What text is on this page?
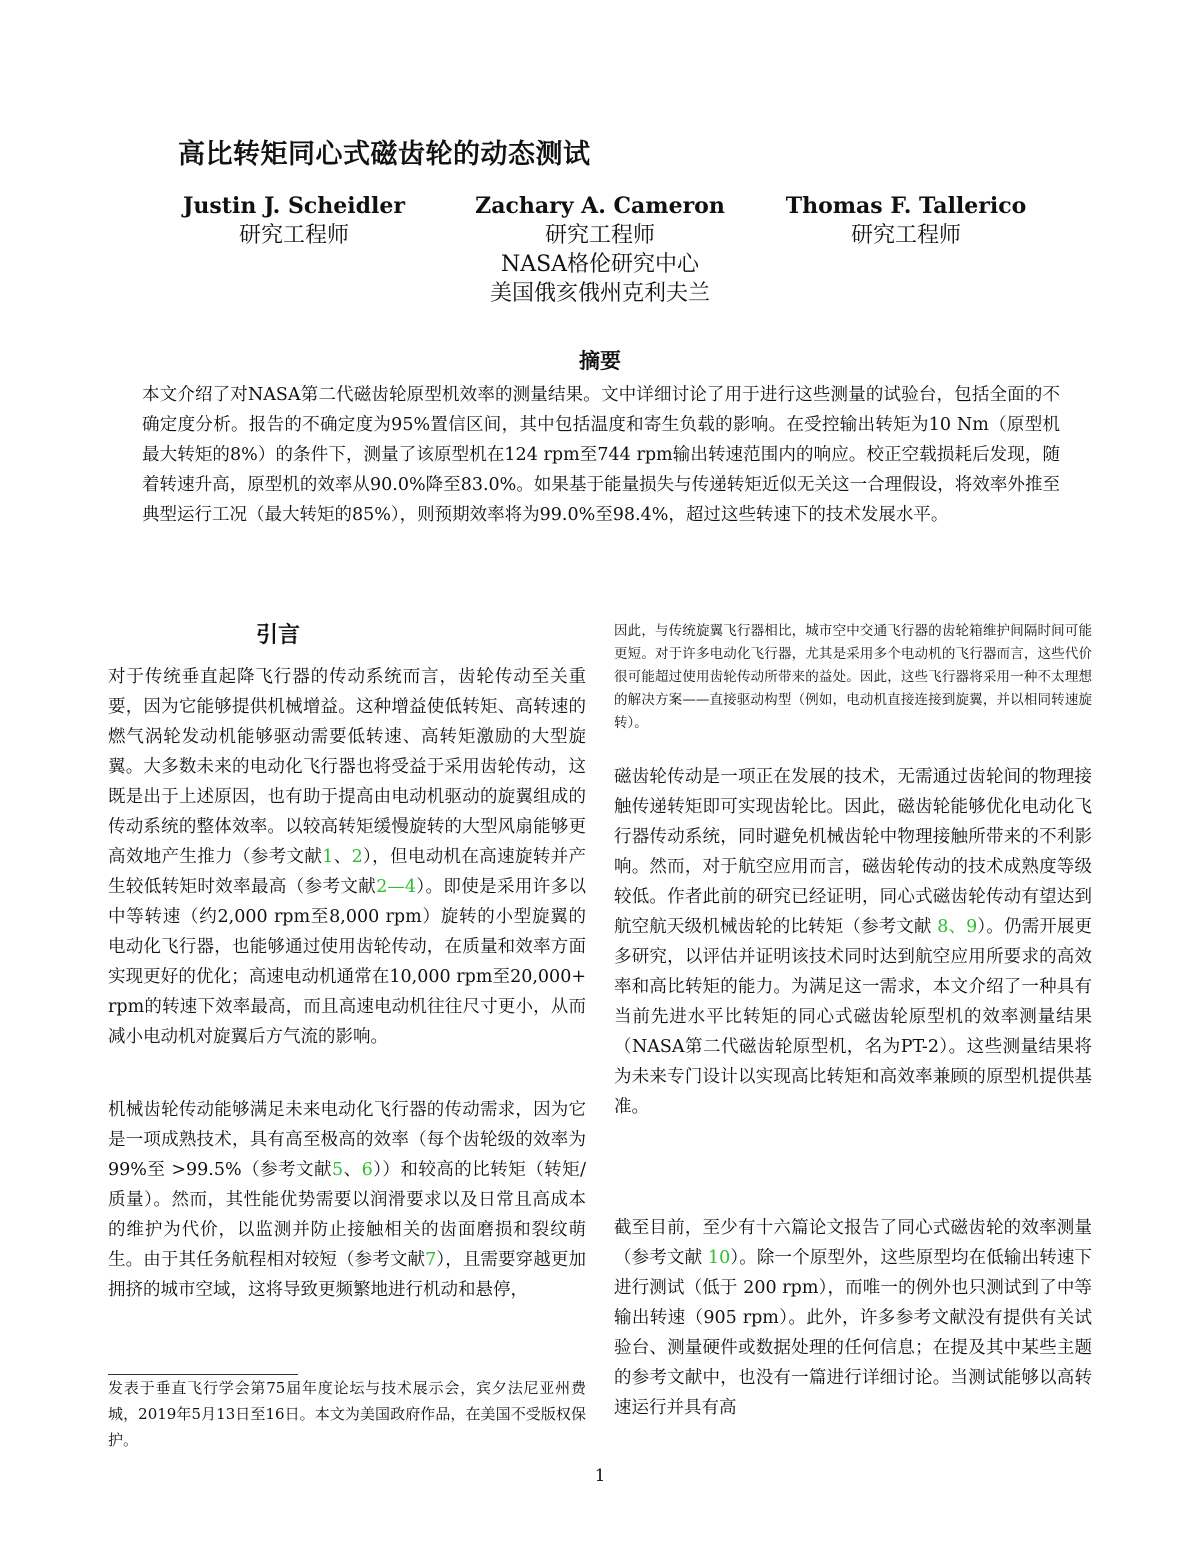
高比转矩同心式磁齿轮的动态测试
Justin J. Scheidler
研究工程师
Zachary A. Cameron
研究工程师
NASA格伦研究中心
美国俄亥俄州克利夫兰
Thomas F. Tallerico
研究工程师
摘要

本文介绍了对NASA第二代磁齿轮原型机效率的测量结果。文中详细讨论了用于进行这些测量的试验台，包括全面的不确定度分析。报告的不确定度为95%置信区间，其中包括温度和寄生负载的影响。在受控输出转矩为10 Nm（原型机最大转矩的8%）的条件下，测量了该原型机在124 rpm至744 rpm输出转速范围内的响应。校正空载损耗后发现，随着转速升高，原型机的效率从90.0%降至83.0%。如果基于能量损失与传递转矩近似无关这一合理假设，将效率外推至典型运行工况（最大转矩的85%），则预期效率将为99.0%至98.4%，超过这些转速下的技术发展水平。

引言

对于传统垂直起降飞行器的传动系统而言，齿轮传动至关重要，因为它能够提供机械增益。这种增益使低转矩、高转速的燃气涡轮发动机能够驱动需要低转速、高转矩激励的大型旋翼。大多数未来的电动化飞行器也将受益于采用齿轮传动，这既是出于上述原因，也有助于提高由电动机驱动的旋翼组成的传动系统的整体效率。以较高转矩缓慢旋转的大型风扇能够更高效地产生推力（参考文献1、2），但电动机在高速旋转并产生较低转矩时效率最高（参考文献2—4）。即使是采用许多以中等转速（约2,000 rpm至8,000 rpm）旋转的小型旋翼的电动化飞行器，也能够通过使用齿轮传动，在质量和效率方面实现更好的优化；高速电动机通常在10,000 rpm至20,000+ rpm的转速下效率最高，而且高速电动机往往尺寸更小，从而减小电动机对旋翼后方气流的影响。

机械齿轮传动能够满足未来电动化飞行器的传动需求，因为它是一项成熟技术，具有高至极高的效率（每个齿轮级的效率为99%至 >99.5%（参考文献5、6））和较高的比转矩（转矩/质量）。然而，其性能优势需要以润滑要求以及日常且高成本的维护为代价，以监测并防止接触相关的齿面磨损和裂纹萌生。由于其任务航程相对较短（参考文献7），且需要穿越更加拥挤的城市空域，这将导致更频繁地进行机动和悬停，

发表于垂直飞行学会第75届年度论坛与技术展示会，宾夕法尼亚州费城，2019年5月13日至16日。本文为美国政府作品，在美国不受版权保护。

因此，与传统旋翼飞行器相比，城市空中交通飞行器的齿轮箱维护间隔时间可能更短。对于许多电动化飞行器，尤其是采用多个电动机的飞行器而言，这些代价很可能超过使用齿轮传动所带来的益处。因此，这些飞行器将采用一种不太理想的解决方案——直接驱动构型（例如，电动机直接连接到旋翼，并以相同转速旋转）。

磁齿轮传动是一项正在发展的技术，无需通过齿轮间的物理接触传递转矩即可实现齿轮比。因此，磁齿轮能够优化电动化飞行器传动系统，同时避免机械齿轮中物理接触所带来的不利影响。然而，对于航空应用而言，磁齿轮传动的技术成熟度等级较低。作者此前的研究已经证明，同心式磁齿轮传动有望达到航空航天级机械齿轮的比转矩（参考文献 8、9）。仍需开展更多研究，以评估并证明该技术同时达到航空应用所要求的高效率和高比转矩的能力。为满足这一需求，本文介绍了一种具有当前先进水平比转矩的同心式磁齿轮原型机的效率测量结果（NASA第二代磁齿轮原型机，名为PT-2）。这些测量结果将为未来专门设计以实现高比转矩和高效率兼顾的原型机提供基准。

截至目前，至少有十六篇论文报告了同心式磁齿轮的效率测量（参考文献 10）。除一个原型外，这些原型均在低输出转速下进行测试（低于 200 rpm），而唯一的例外也只测试到了中等输出转速（905 rpm）。此外，许多参考文献没有提供有关试验台、测量硬件或数据处理的任何信息；在提及其中某些主题的参考文献中，也没有一篇进行详细讨论。当测试能够以高转速运行并具有高

1
